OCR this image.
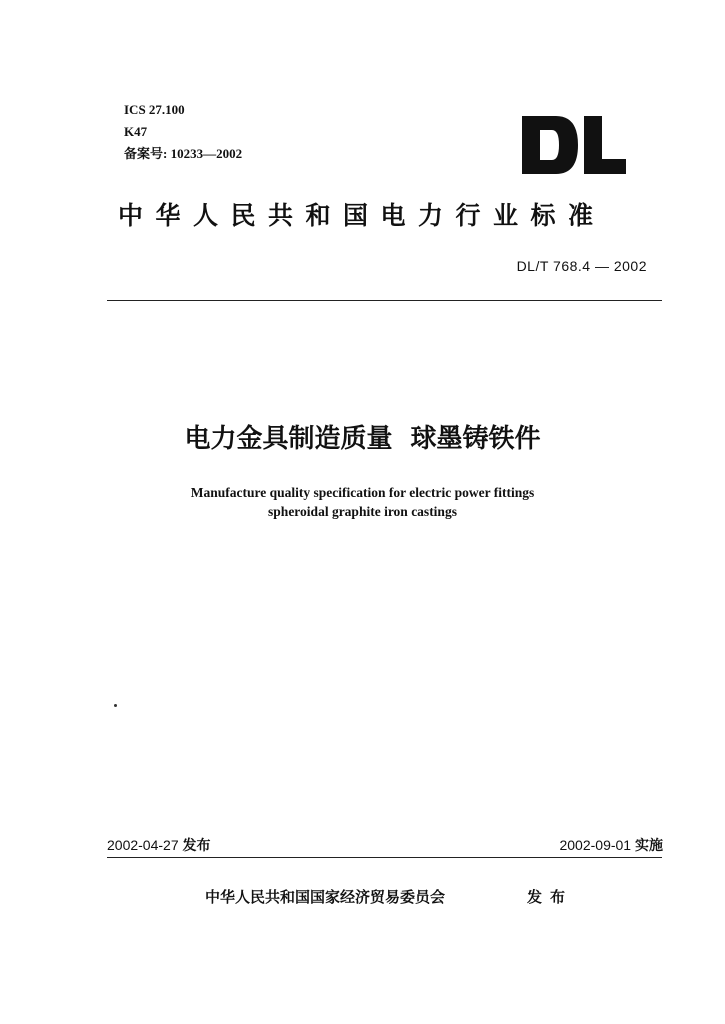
ICS 27.100
K47
备案号: 10233—2002
中华人民共和国电力行业标准
DL/T 768.4 — 2002
电力金具制造质量  球墨铸铁件
Manufacture quality specification for electric power fittings
spheroidal graphite iron castings
2002-04-27 发布	2002-09-01 实施
中华人民共和国国家经济贸易委员会	发布
